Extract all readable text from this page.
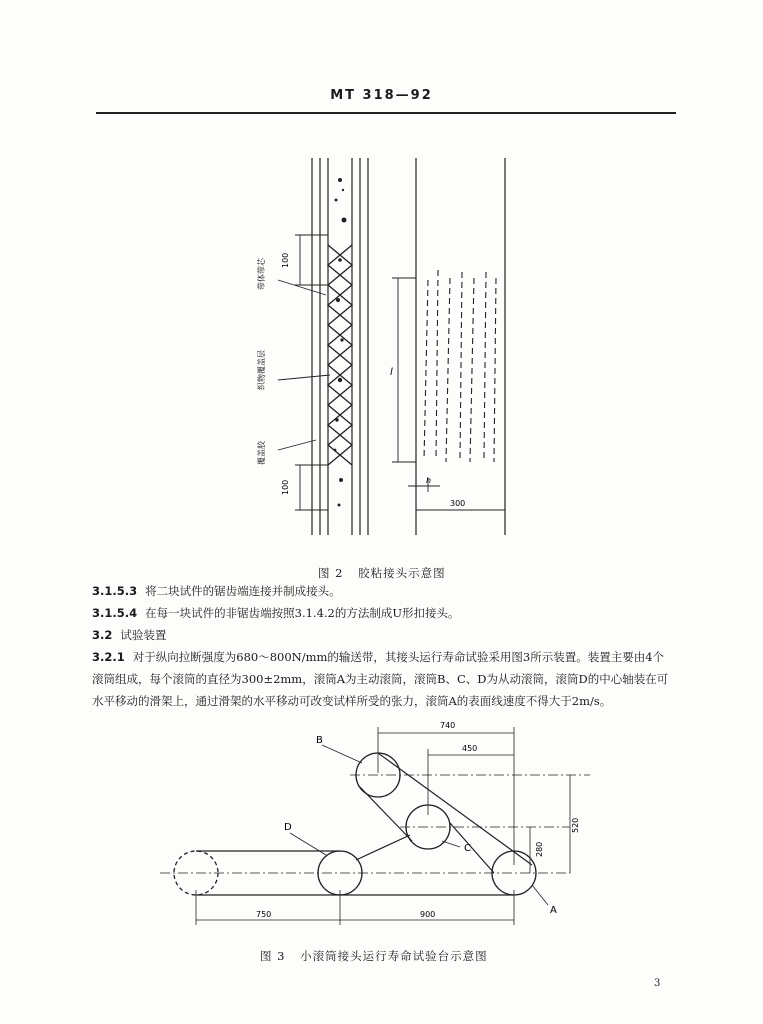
MT 318—92
100
100
带体带芯
织物覆盖层
覆盖胶
l
h
300
图 2 胶粘接头示意图

3.1.5.3 将二块试件的锯齿端连接并制成接头。

3.1.5.4 在每一块试件的非锯齿端按照3.1.4.2的方法制成U形扣接头。

3.2 试验装置

3.2.1 对于纵向拉断强度为680～800N/mm的输送带，其接头运行寿命试验采用图3所示装置。装置主要由4个滚筒组成，每个滚筒的直径为300±2mm，滚筒A为主动滚筒，滚筒B、C、D为从动滚筒，滚筒D的中心轴装在可水平移动的滑架上，通过滑架的水平移动可改变试样所受的张力，滚筒A的表面线速度不得大于2m/s。

B
C
D
A
740
450
520
280
750	900
图 3 小滚筒接头运行寿命试验台示意图
3
